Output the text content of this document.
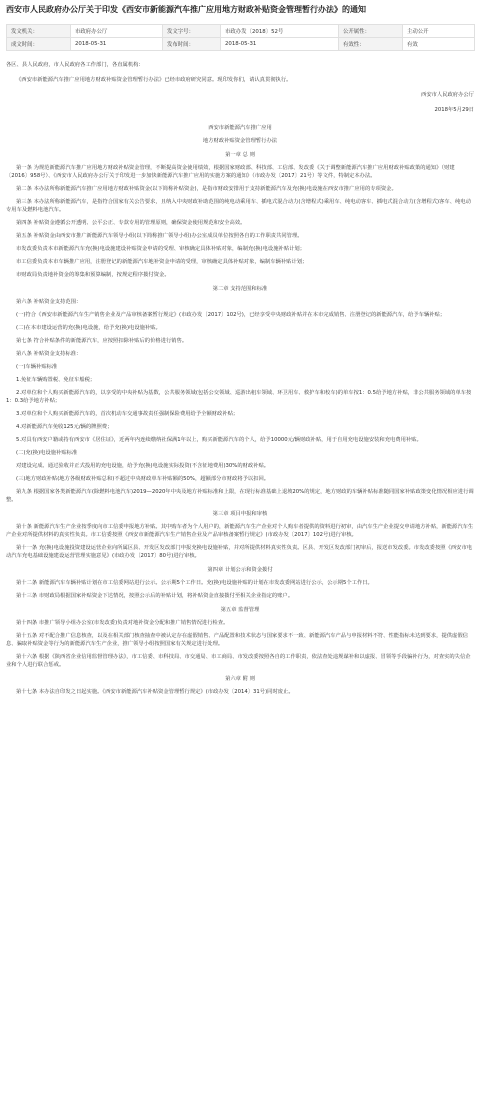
西安市人民政府办公厅关于印发《西安市新能源汽车推广应用地方财政补贴资金管理暂行办法》的通知
发文机关：	市政府办公厅	发文字号：	市政办发〔2018〕52号	公开属性：	主动公开
成文时间：	2018-05-31	发布时间：	2018-05-31	有效性：	有效

各区、县人民政府，市人民政府各工作部门，各直属机构：

《西安市新能源汽车推广应用地方财政补贴资金管理暂行办法》已经市政府研究同意。现印发你们，请认真贯彻执行。

西安市人民政府办公厅

2018年5月29日

西安市新能源汽车推广应用

地方财政补贴资金管理暂行办法

第一章 总 则

第一条 为规范新能源汽车推广应用地方财政补贴资金管理，不断提高资金使用绩效，根据国家财政部、科技部、工信部、发改委《关于调整新能源汽车推广应用财政补贴政策的通知》（财建〔2016〕958号）、《西安市人民政府办公厅关于印发进一步加快新能源汽车推广应用的实施方案的通知》（市政办发〔2017〕21号）等文件，特制定本办法。

第二条 本办法所称新能源汽车推广应用地方财政补贴资金(以下简称补贴资金)，是指市财政安排用于支持新能源汽车及充(换)电设施在西安市推广应用的专项资金。

第三条 本办法所称新能源汽车，是指符合国家有关公告要求，且纳入中央财政补助范围的纯电动乘用车、插电式混合动力(含增程式)乘用车、纯电动客车、插电式混合动力(含增程式)客车、纯电动专用车及燃料电池汽车。

第四条 补贴资金遵循公开透明、公平公正、专款专用的管理原则，确保资金使用规范和安全高效。

第五条 补贴资金由西安市推广新能源汽车领导小组(以下简称推广领导小组)办公室成员单位按照各自的工作职责共同管理。

市发改委负责本市新能源汽车充(换)电设施建设补贴资金申请的受理、审核确定具体补贴对象，编制充(换)电设施补贴计划；

市工信委负责本市车辆推广应用，注册登记的新能源汽车地补资金申请的受理，审核确定具体补贴对象，编制车辆补贴计划；

市财政局负责地补资金的筹集和预算编制，按规定程序拨付资金。

第二章 支持范围和标准

第六条 补贴资金支持范围：

(一)符合《西安市新能源汽车生产销售企业及产品审核备案暂行规定》(市政办发〔2017〕102号)，已经享受中央财政补贴并在本市完成销售、注册登记的新能源汽车，给予车辆补贴；

(二)在本市建设运营的充(换)电设施，给予充(换)电设施补贴。

第七条 符合补贴条件的新能源汽车，应按照扣除补贴后的价格进行销售。

第八条 补贴资金支持标准：

(一)车辆补贴标准

1.免征车辆购置税、免征车船税；

2.对单位和个人购买新能源汽车的，以享受的中央补贴为基数，公共服务领域(包括公交领域、巡游出租车领域、环卫用车、救护车和校车)的单车按1：0.5给予地方补贴，非公共服务领域的单车按1：0.3给予地方补贴；

3.对单位和个人购买新能源汽车的，首次机动车交通事故责任强制保险费用给予全额财政补贴；

4.对新能源汽车免收125元/辆的牌照费；

5.对具有西安户籍或持有西安市《居住证》，近两年内连续缴纳社保满1年以上，购买新能源汽车的个人，给予10000元/辆财政补贴，用于自用充电设施安装和充电费用补贴。

(二)充(换)电设施补贴标准

对建设完成、通过验收并正式投用的充电设施，给予充(换)电设施实际投资(不含征地费用)30%的财政补贴。

(三)地方财政补贴(地方各级财政补贴总和)不超过中央财政单车补贴额的50%，超额部分市财政将予以扣回。

第九条 根据国家各类新能源汽车(除燃料电池汽车)2019—2020年中央及地方补贴标准和上限，在现行标准基础上退坡20%的规定，地方财政的车辆补贴标准随同国家补贴政策变化情况相应进行调整。

第三章 项目申报和审核

第十条 新能源汽车生产企业按季度向市工信委申报地方补贴。其中购车者为个人用户的，新能源汽车生产企业对个人购车者提供的资料进行初审，由汽车生产企业提交申请地方补贴，新能源汽车生产企业对所提供材料的真实性负责。市工信委按照《西安市新能源汽车生产销售企业及产品审核备案暂行规定》(市政办发〔2017〕102号)进行审核。

第十一条 充(换)电设施投资建设运营企业向所属区县、开发区发改部门申报充换电设施补贴，并对所提供材料真实性负责。区县、开发区发改部门初审后，报送市发改委。市发改委按照《西安市电动汽车充电基础设施建设运营管理实施意见》(市政办发〔2017〕80号)进行审核。

第四章 计划公示和资金拨付

第十二条 新能源汽车车辆补贴计划在市工信委网站进行公示。公示期5个工作日。充(换)电设施补贴的计划在市发改委网站进行公示，公示期5个工作日。

第十三条 市财政局根据国家补贴资金下达情况，按照公示后的补贴计划，将补贴资金直接拨付至相关企业指定的账户。

第五章 监督管理

第十四条 市推广领导小组办公室(市发改委)负责对地补资金分配和推广销售情况进行检查。

第十五条 对不配合推广信息核查，以及在相关部门核查抽查中被认定存在虚假销售、产品配置和技术状态与国家要求不一致、新能源汽车产品与申报材料不符、性能指标未达到要求，提供虚假信息、骗取补贴资金等行为的新能源汽车生产企业，推广领导小组按照国家有关规定进行处理。

第十六条 根据《陕西省企业信用监督管理办法》，市工信委、市科技局、市交通局、市工商局、市发改委按照各自的工作职责，依法查处违规谋补和以虚报、冒领等手段骗补行为，对查实的失信企业和个人进行联合惩戒。

第六章 附 则

第十七条 本办法自印发之日起实施。《西安市新能源汽车补贴资金管理暂行规定》(市政办发〔2014〕31号)同时废止。
